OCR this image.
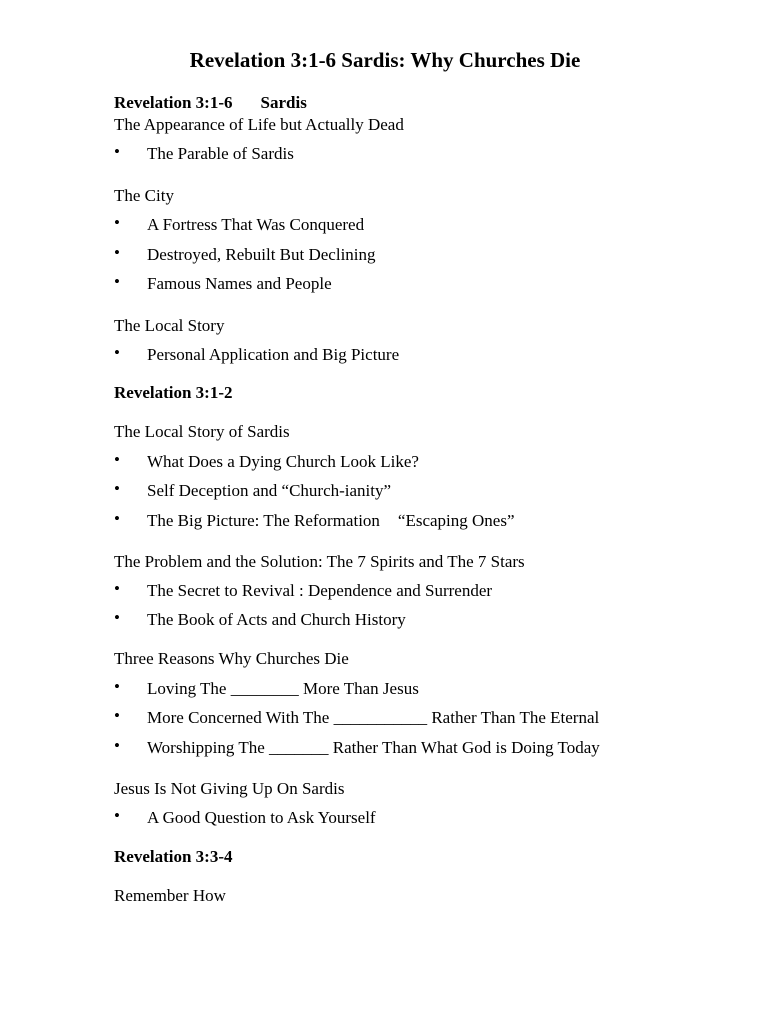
Revelation 3:1-6 Sardis: Why Churches Die
Revelation 3:1-6 Sardis
The Appearance of Life but Actually Dead

•

The Parable of Sardis

The City

•

A Fortress That Was Conquered

•

Destroyed, Rebuilt But Declining

•

Famous Names and People

The Local Story

•

Personal Application and Big Picture

Revelation 3:1-2
The Local Story of Sardis

•

What Does a Dying Church Look Like?

•

Self Deception and “Church-ianity”

•

The Big Picture: The Reformation “Escaping Ones”

The Problem and the Solution: The 7 Spirits and The 7 Stars

•

The Secret to Revival : Dependence and Surrender

•

The Book of Acts and Church History

Three Reasons Why Churches Die

•

Loving The ________ More Than Jesus

•

More Concerned With The ___________ Rather Than The Eternal

•

Worshipping The _______ Rather Than What God is Doing Today

Jesus Is Not Giving Up On Sardis

•

A Good Question to Ask Yourself

Revelation 3:3-4
Remember How
